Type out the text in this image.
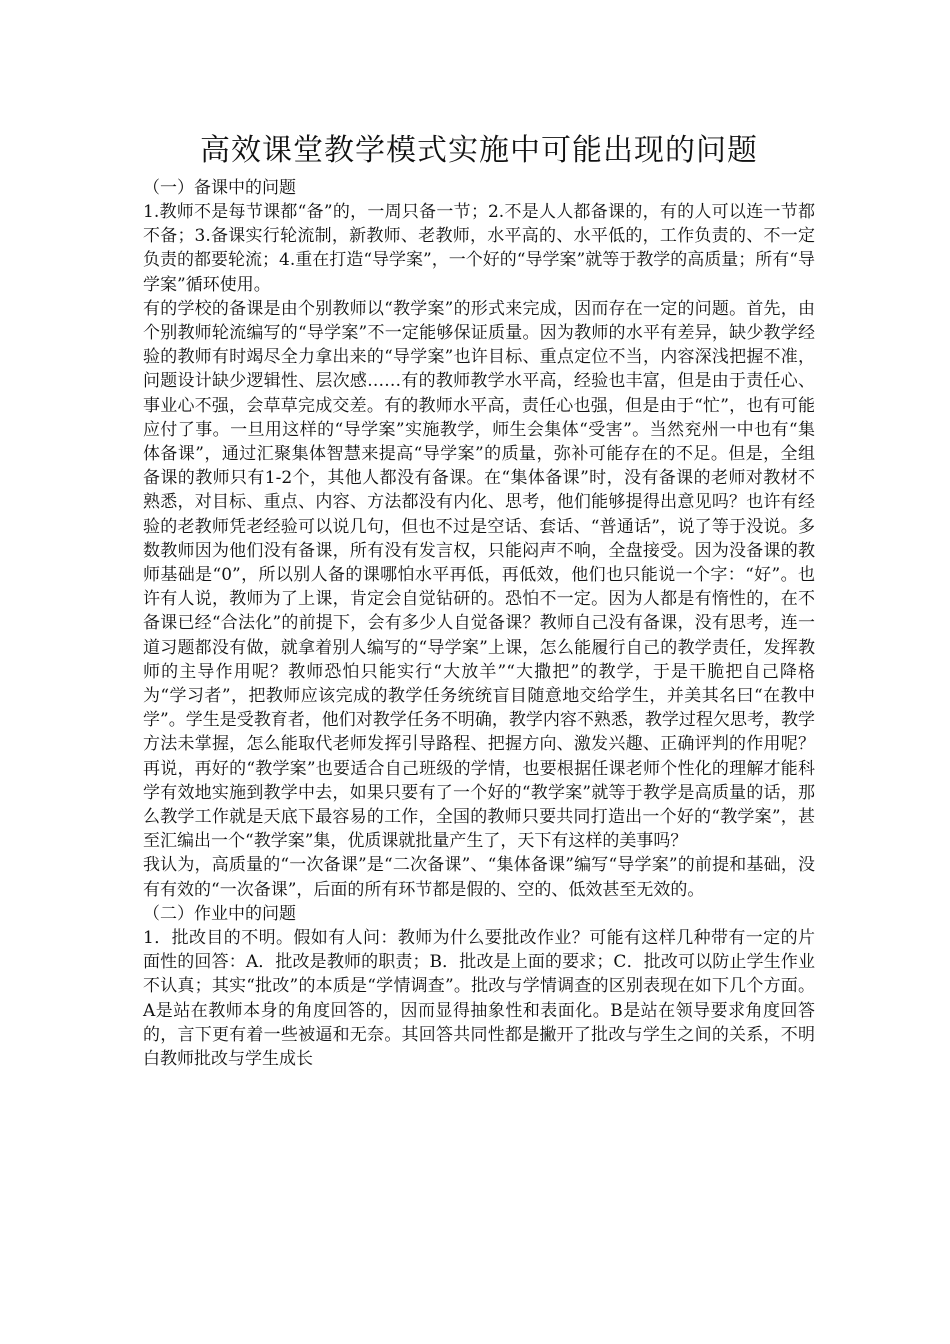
高效课堂教学模式实施中可能出现的问题

（一）备课中的问题

1.教师不是每节课都“备”的，一周只备一节；2.不是人人都备课的，有的人可以连一节都不备；3.备课实行轮流制，新教师、老教师，水平高的、水平低的，工作负责的、不一定负责的都要轮流；4.重在打造“导学案”，一个好的“导学案”就等于教学的高质量；所有“导学案”循环使用。

有的学校的备课是由个别教师以“教学案”的形式来完成，因而存在一定的问题。首先，由个别教师轮流编写的“导学案”不一定能够保证质量。因为教师的水平有差异，缺少教学经验的教师有时竭尽全力拿出来的“导学案”也许目标、重点定位不当，内容深浅把握不准，问题设计缺少逻辑性、层次感……有的教师教学水平高，经验也丰富，但是由于责任心、事业心不强，会草草完成交差。有的教师水平高，责任心也强，但是由于“忙”，也有可能应付了事。一旦用这样的“导学案”实施教学，师生会集体“受害”。当然兖州一中也有“集体备课”，通过汇聚集体智慧来提高“导学案”的质量，弥补可能存在的不足。但是，全组备课的教师只有1-2个，其他人都没有备课。在“集体备课”时，没有备课的老师对教材不熟悉，对目标、重点、内容、方法都没有内化、思考，他们能够提得出意见吗？也许有经验的老教师凭老经验可以说几句，但也不过是空话、套话、“普通话”，说了等于没说。多数教师因为他们没有备课，所有没有发言权，只能闷声不响，全盘接受。因为没备课的教师基础是“0”，所以别人备的课哪怕水平再低，再低效，他们也只能说一个字：“好”。也许有人说，教师为了上课，肯定会自觉钻研的。恐怕不一定。因为人都是有惰性的，在不备课已经“合法化”的前提下，会有多少人自觉备课？教师自己没有备课，没有思考，连一道习题都没有做，就拿着别人编写的“导学案”上课，怎么能履行自己的教学责任，发挥教师的主导作用呢？教师恐怕只能实行“大放羊”“大撒把”的教学，于是干脆把自己降格为“学习者”，把教师应该完成的教学任务统统盲目随意地交给学生，并美其名曰“在教中学”。学生是受教育者，他们对教学任务不明确，教学内容不熟悉，教学过程欠思考，教学方法未掌握，怎么能取代老师发挥引导路程、把握方向、激发兴趣、正确评判的作用呢？再说，再好的“教学案”也要适合自己班级的学情，也要根据任课老师个性化的理解才能科学有效地实施到教学中去，如果只要有了一个好的“教学案”就等于教学是高质量的话，那么教学工作就是天底下最容易的工作，全国的教师只要共同打造出一个好的“教学案”，甚至汇编出一个“教学案”集，优质课就批量产生了，天下有这样的美事吗？

我认为，高质量的“一次备课”是“二次备课”、“集体备课”编写“导学案”的前提和基础，没有有效的“一次备课”，后面的所有环节都是假的、空的、低效甚至无效的。

（二）作业中的问题

1．批改目的不明。假如有人问：教师为什么要批改作业？可能有这样几种带有一定的片面性的回答：A．批改是教师的职责；B．批改是上面的要求；C．批改可以防止学生作业不认真；其实“批改”的本质是“学情调查”。批改与学情调查的区别表现在如下几个方面。A是站在教师本身的角度回答的，因而显得抽象性和表面化。B是站在领导要求角度回答的，言下更有着一些被逼和无奈。其回答共同性都是撇开了批改与学生之间的关系，不明白教师批改与学生成长
